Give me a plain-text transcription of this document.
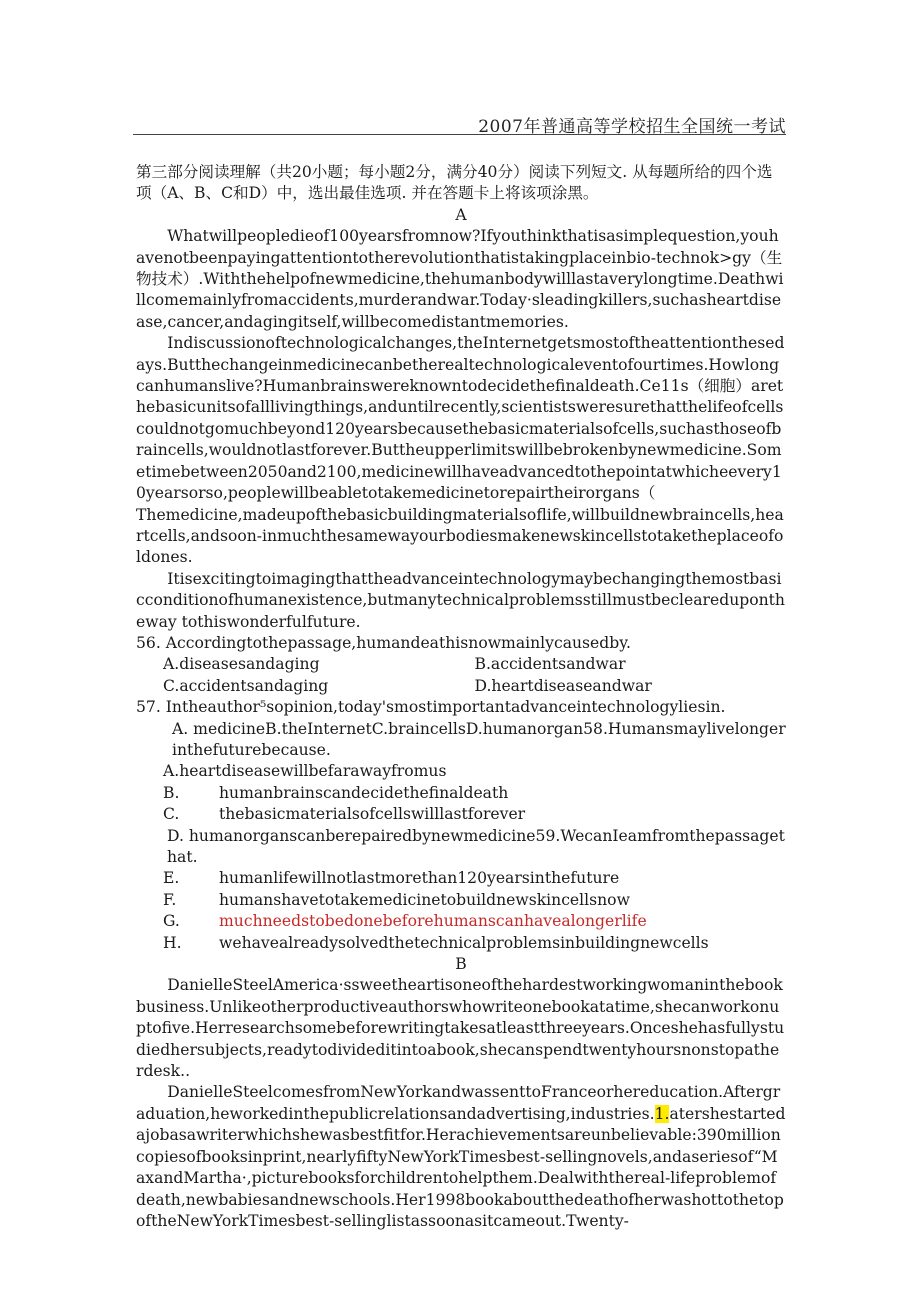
2007年普通高等学校招生全国统一考试

第三部分阅读理解（共20小题；每小题2分，满分40分）阅读下列短文. 从每题所给的四个选项（A、B、C和D）中，选出最佳选项. 并在答题卡上将该项涂黑。

A

Whatwillpeopledieof100yearsfromnow?Ifyouthinkthatisasimplequestion,youhavenotbeenpayingattentiontotherevolutionthatistakingplaceinbio-technok>gy（生物技术）.Withthehelpofnewmedicine,thehumanbodywilllastaverylongtime.Deathwillcomemainlyfromaccidents,murderandwar.Today·sleadingkillers,suchasheartdisease,cancer,andagingitself,willbecomedistantmemories.

Indiscussionoftechnologicalchanges,theInternetgetsmostoftheattentionthesedays.Butthechangeinmedicinecanbetherealtechnologicaleventofourtimes.Howlongcanhumanslive?Humanbrainswereknowntodecidethefinaldeath.Ce11s（细胞）arethebasicunitsofalllivingthings,anduntilrecently,scientistsweresurethatthelifeofcellscouldnotgomuchbeyond120yearsbecausethebasicmaterialsofcells,suchasthoseofbraincells,wouldnotlastforever.Buttheupperlimitswillbebrokenbynewmedicine.Sometimebetween2050and2100,medicinewillhaveadvancedtothepointatwhicheevery10yearsorso,peoplewillbeabletotakemedicinetorepairtheirorgans（

Themedicine,madeupofthebasicbuildingmaterialsoflife,willbuildnewbraincells,heartcells,andsoon-inmuchthesamewayourbodiesmakenewskincellstotaketheplaceofoldones.

Itisexcitingtoimagingthattheadvanceintechnologymaybechangingthemostbasicconditionofhumanexistence,butmanytechnicalproblemsstillmustbeclearedupontheway tothiswonderfulfuture.

56. Accordingtothepassage,humandeathisnowmainlycausedby.

A.diseasesandaging	B.accidentsandwar
C.accidentsandaging	D.heartdiseaseandwar

57. Intheauthor⁵sopinion,today'smostimportantadvanceintechnologyliesin.

A. medicineB.theInternetC.braincellsD.humanorgan58.Humansmaylivelongerinthefuturebecause.

A.heartdiseasewillbefarawayfromus
B.	humanbrainscandecidethefinaldeath
C.	thebasicmaterialsofcellswilllastforever

D. humanorganscanberepairedbynewmedicine59.WecanIeamfromthepassagethat.

E.	humanlifewillnotlastmorethan120yearsinthefuture
F.	humanshavetotakemedicinetobuildnewskincellsnow
G.	muchneedstobedonebeforehumanscanhavealongerlife
H.	wehavealreadysolvedthetechnicalproblemsinbuildingnewcells

B

DanielleSteelAmerica·ssweetheartisoneofthehardestworkingwomaninthebookbusiness.Unlikeotherproductiveauthorswhowriteonebookatatime,shecanworkonuptofive.Herresearchsomebeforewritingtakesatleastthreeyears.Onceshehasfullystudiedhersubjects,readytodivideditintoabook,shecanspendtwentyhoursnonstopatherdesk..

DanielleSteelcomesfromNewYorkandwassenttoFranceorhereducation.Aftergraduation,heworkedinthepublicrelationsandadvertising,industries.1.atershestartedajobasawriterwhichshewasbestfitfor.Herachievementsareunbelievable:390millioncopiesofbooksinprint,nearlyfiftyNewYorkTimesbest-sellingnovels,andaseriesof“MaxandMartha·,picturebooksforchildrentohelpthem.Dealwiththereal-lifeproblemofdeath,newbabiesandnewschools.Her1998bookaboutthedeathofherwashottothetopoftheNewYorkTimesbest-sellinglistassoonasitcameout.Twenty-
